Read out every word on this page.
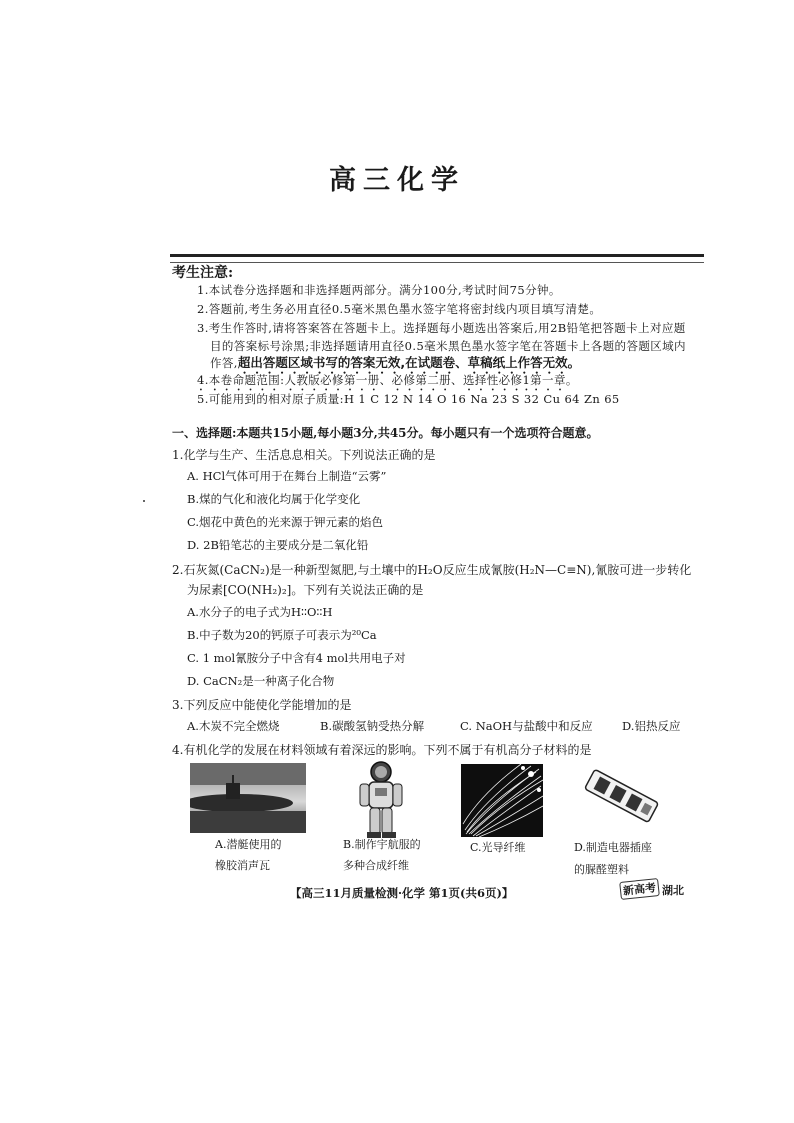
高三化学
考生注意:
1.本试卷分选择题和非选择题两部分。满分100分,考试时间75分钟。
2.答题前,考生务必用直径0.5毫米黑色墨水签字笔将密封线内项目填写清楚。
3.考生作答时,请将答案答在答题卡上。选择题每小题选出答案后,用2B铅笔把答题卡上对应题
目的答案标号涂黑;非选择题请用直径0.5毫米黑色墨水签字笔在答题卡上各题的答题区域内
作答,超出答题区域书写的答案无效,在试题卷、草稿纸上作答无效。
4.本卷命题范围:人教版必修第一册、必修第二册、选择性必修1第一章。
5.可能用到的相对原子质量:H 1 C 12 N 14 O 16 Na 23 S 32 Cu 64 Zn 65
一、选择题:本题共15小题,每小题3分,共45分。每小题只有一个选项符合题意。
1.化学与生产、生活息息相关。下列说法正确的是
A. HCl气体可用于在舞台上制造“云雾”
B.煤的气化和液化均属于化学变化
C.烟花中黄色的光来源于钾元素的焰色
D. 2B铅笔芯的主要成分是二氧化铅
2.石灰氮(CaCN₂)是一种新型氮肥,与土壤中的H₂O反应生成氰胺(H₂N—C≡N),氰胺可进一步转化
为尿素[CO(NH₂)₂]。下列有关说法正确的是
A.水分子的电子式为H∶∶O∶∶H
B.中子数为20的钙原子可表示为²⁰Ca
C. 1 mol氰胺分子中含有4 mol共用电子对
D. CaCN₂是一种离子化合物
3.下列反应中能使化学能增加的是
A.木炭不完全燃烧	B.碳酸氢钠受热分解	C. NaOH与盐酸中和反应	D.铝热反应
4.有机化学的发展在材料领域有着深远的影响。下列不属于有机高分子材料的是
A.潜艇使用的
橡胶消声瓦
B.制作宇航服的
多种合成纤维
C.光导纤维	D.制造电器插座
的脲醛塑料
【高三11月质量检测·化学 第1页(共6页)】	新高考 湖北
